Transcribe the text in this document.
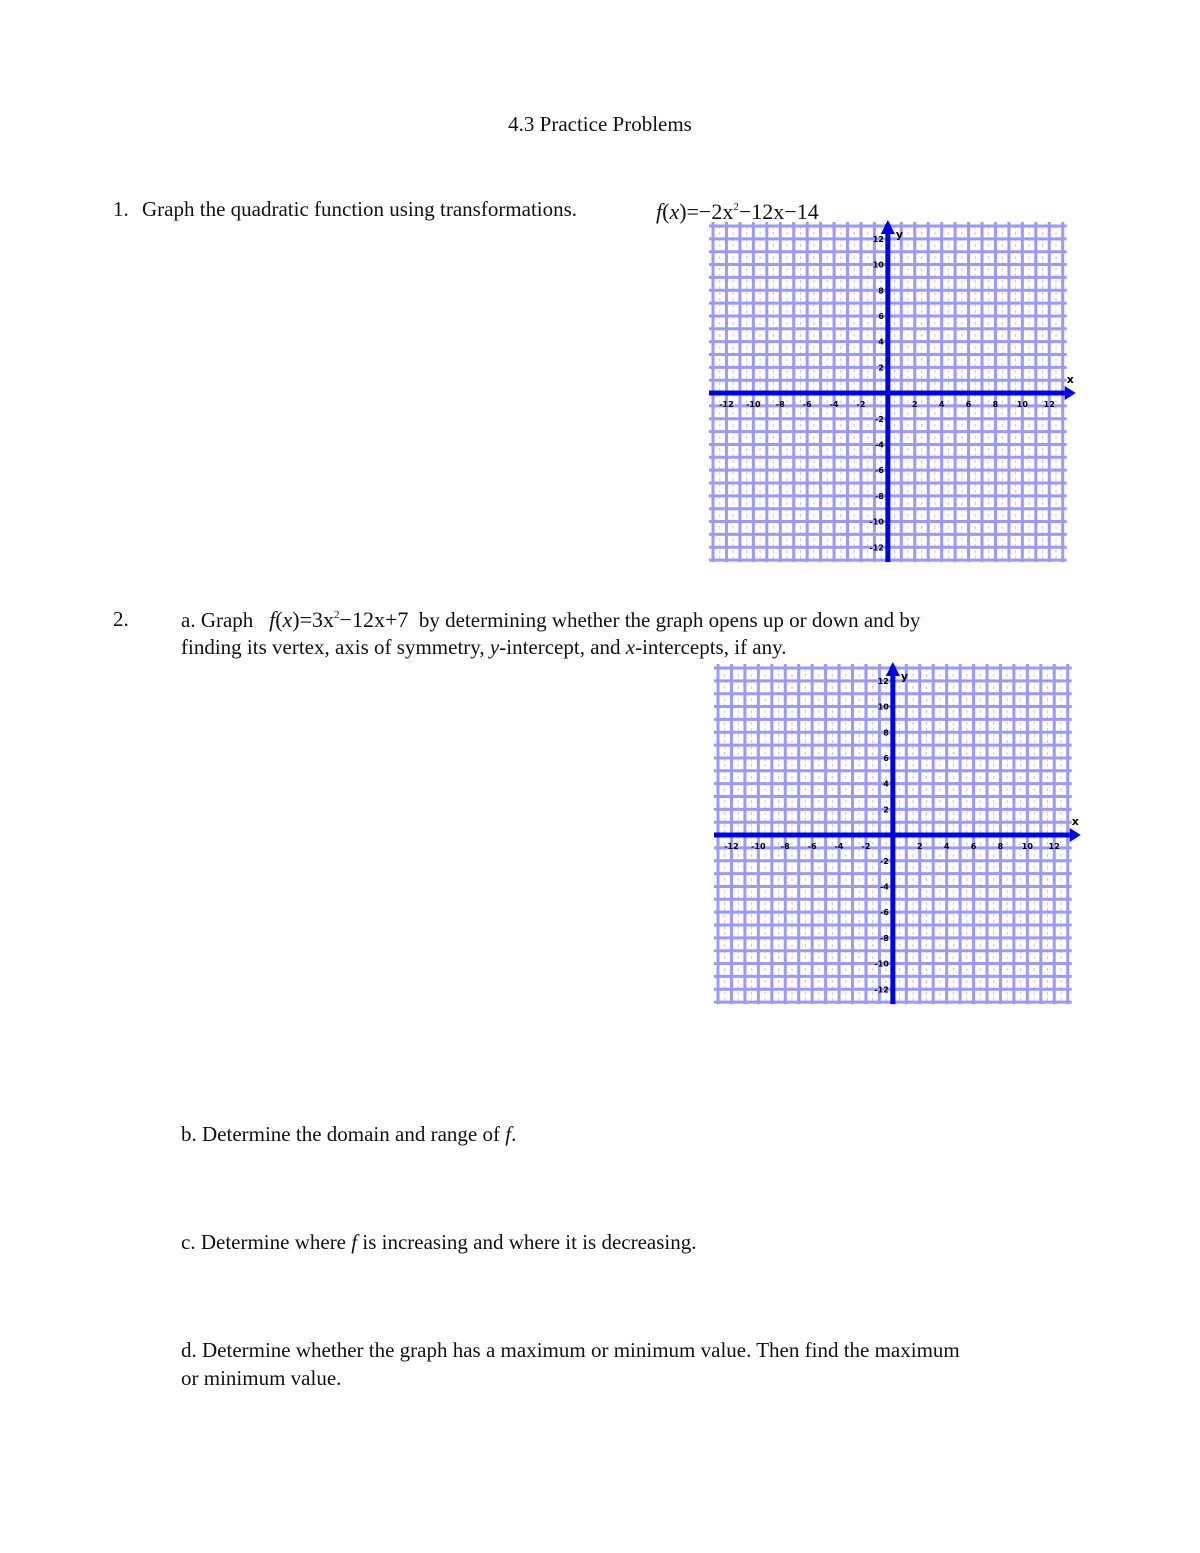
4.3 Practice Problems
1. Graph the quadratic function using transformations.	$f(x)=-2x^2-12x-14$
x
y
-12 -10 -8 -6 -4 -2	2	4	6	8 10 12
12
10
8
6
4
2
-2
-4
-6
-8
-10
-12
2. a. Graph $f(x)=3x^2-12x+7$ by determining whether the graph opens up or down and by
finding its vertex, axis of symmetry, y-intercept, and x-intercepts, if any.
x
y
-12 -10 -8 -6 -4 -2	2	4	6	8 10 12
12
10
8
6
4
2
-2
-4
-6
-8
-10
-12
b. Determine the domain and range of f.
c. Determine where f is increasing and where it is decreasing.
d. Determine whether the graph has a maximum or minimum value. Then find the maximum
or minimum value.
